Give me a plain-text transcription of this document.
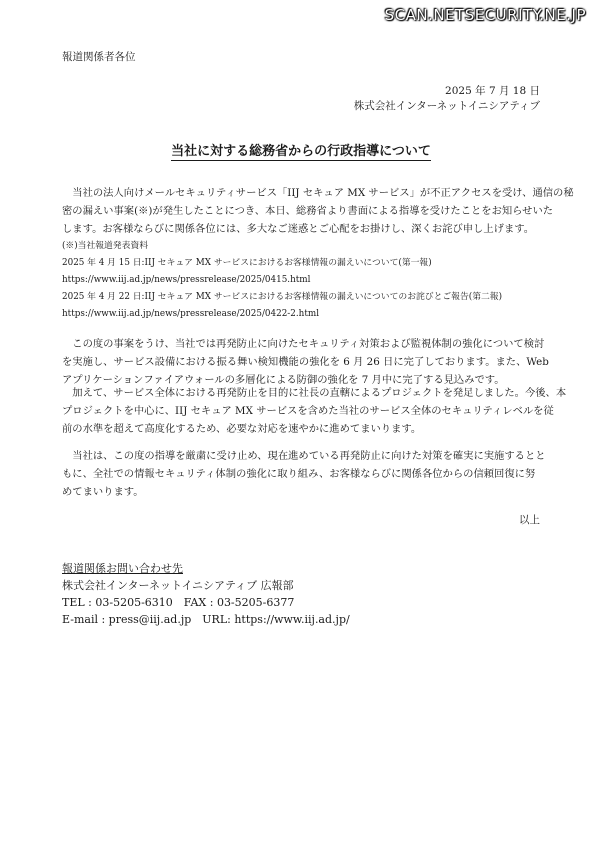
SCAN.NETSECURITY.NE.JP
報道関係者各位
2025 年 7 月 18 日
株式会社インターネットイニシアティブ
当社に対する総務省からの行政指導について

当社の法人向けメールセキュリティサービス「IIJ セキュア MX サービス」が不正アクセスを受け、通信の秘

密の漏えい事案(※)が発生したことにつき、本日、総務省より書面による指導を受けたことをお知らせいた

します。お客様ならびに関係各位には、多大なご迷惑とご心配をお掛けし、深くお詫び申し上げます。

(※)当社報道発表資料

2025 年 4 月 15 日:IIJ セキュア MX サービスにおけるお客様情報の漏えいについて(第一報)

https://www.iij.ad.jp/news/pressrelease/2025/0415.html

2025 年 4 月 22 日:IIJ セキュア MX サービスにおけるお客様情報の漏えいについてのお詫びとご報告(第二報)

https://www.iij.ad.jp/news/pressrelease/2025/0422-2.html

この度の事案をうけ、当社では再発防止に向けたセキュリティ対策および監視体制の強化について検討

を実施し、サービス設備における振る舞い検知機能の強化を 6 月 26 日に完了しております。また、Web

アプリケーションファイアウォールの多層化による防御の強化を 7 月中に完了する見込みです。

加えて、サービス全体における再発防止を目的に社長の直轄によるプロジェクトを発足しました。今後、本

プロジェクトを中心に、IIJ セキュア MX サービスを含めた当社のサービス全体のセキュリティレベルを従

前の水準を超えて高度化するため、必要な対応を速やかに進めてまいります。

当社は、この度の指導を厳粛に受け止め、現在進めている再発防止に向けた対策を確実に実施するとと

もに、全社での情報セキュリティ体制の強化に取り組み、お客様ならびに関係各位からの信頼回復に努

めてまいります。

以上
報道関係お問い合わせ先
株式会社インターネットイニシアティブ 広報部
TEL : 03-5205-6310　FAX : 03-5205-6377
E-mail : press@iij.ad.jp　URL: https://www.iij.ad.jp/
